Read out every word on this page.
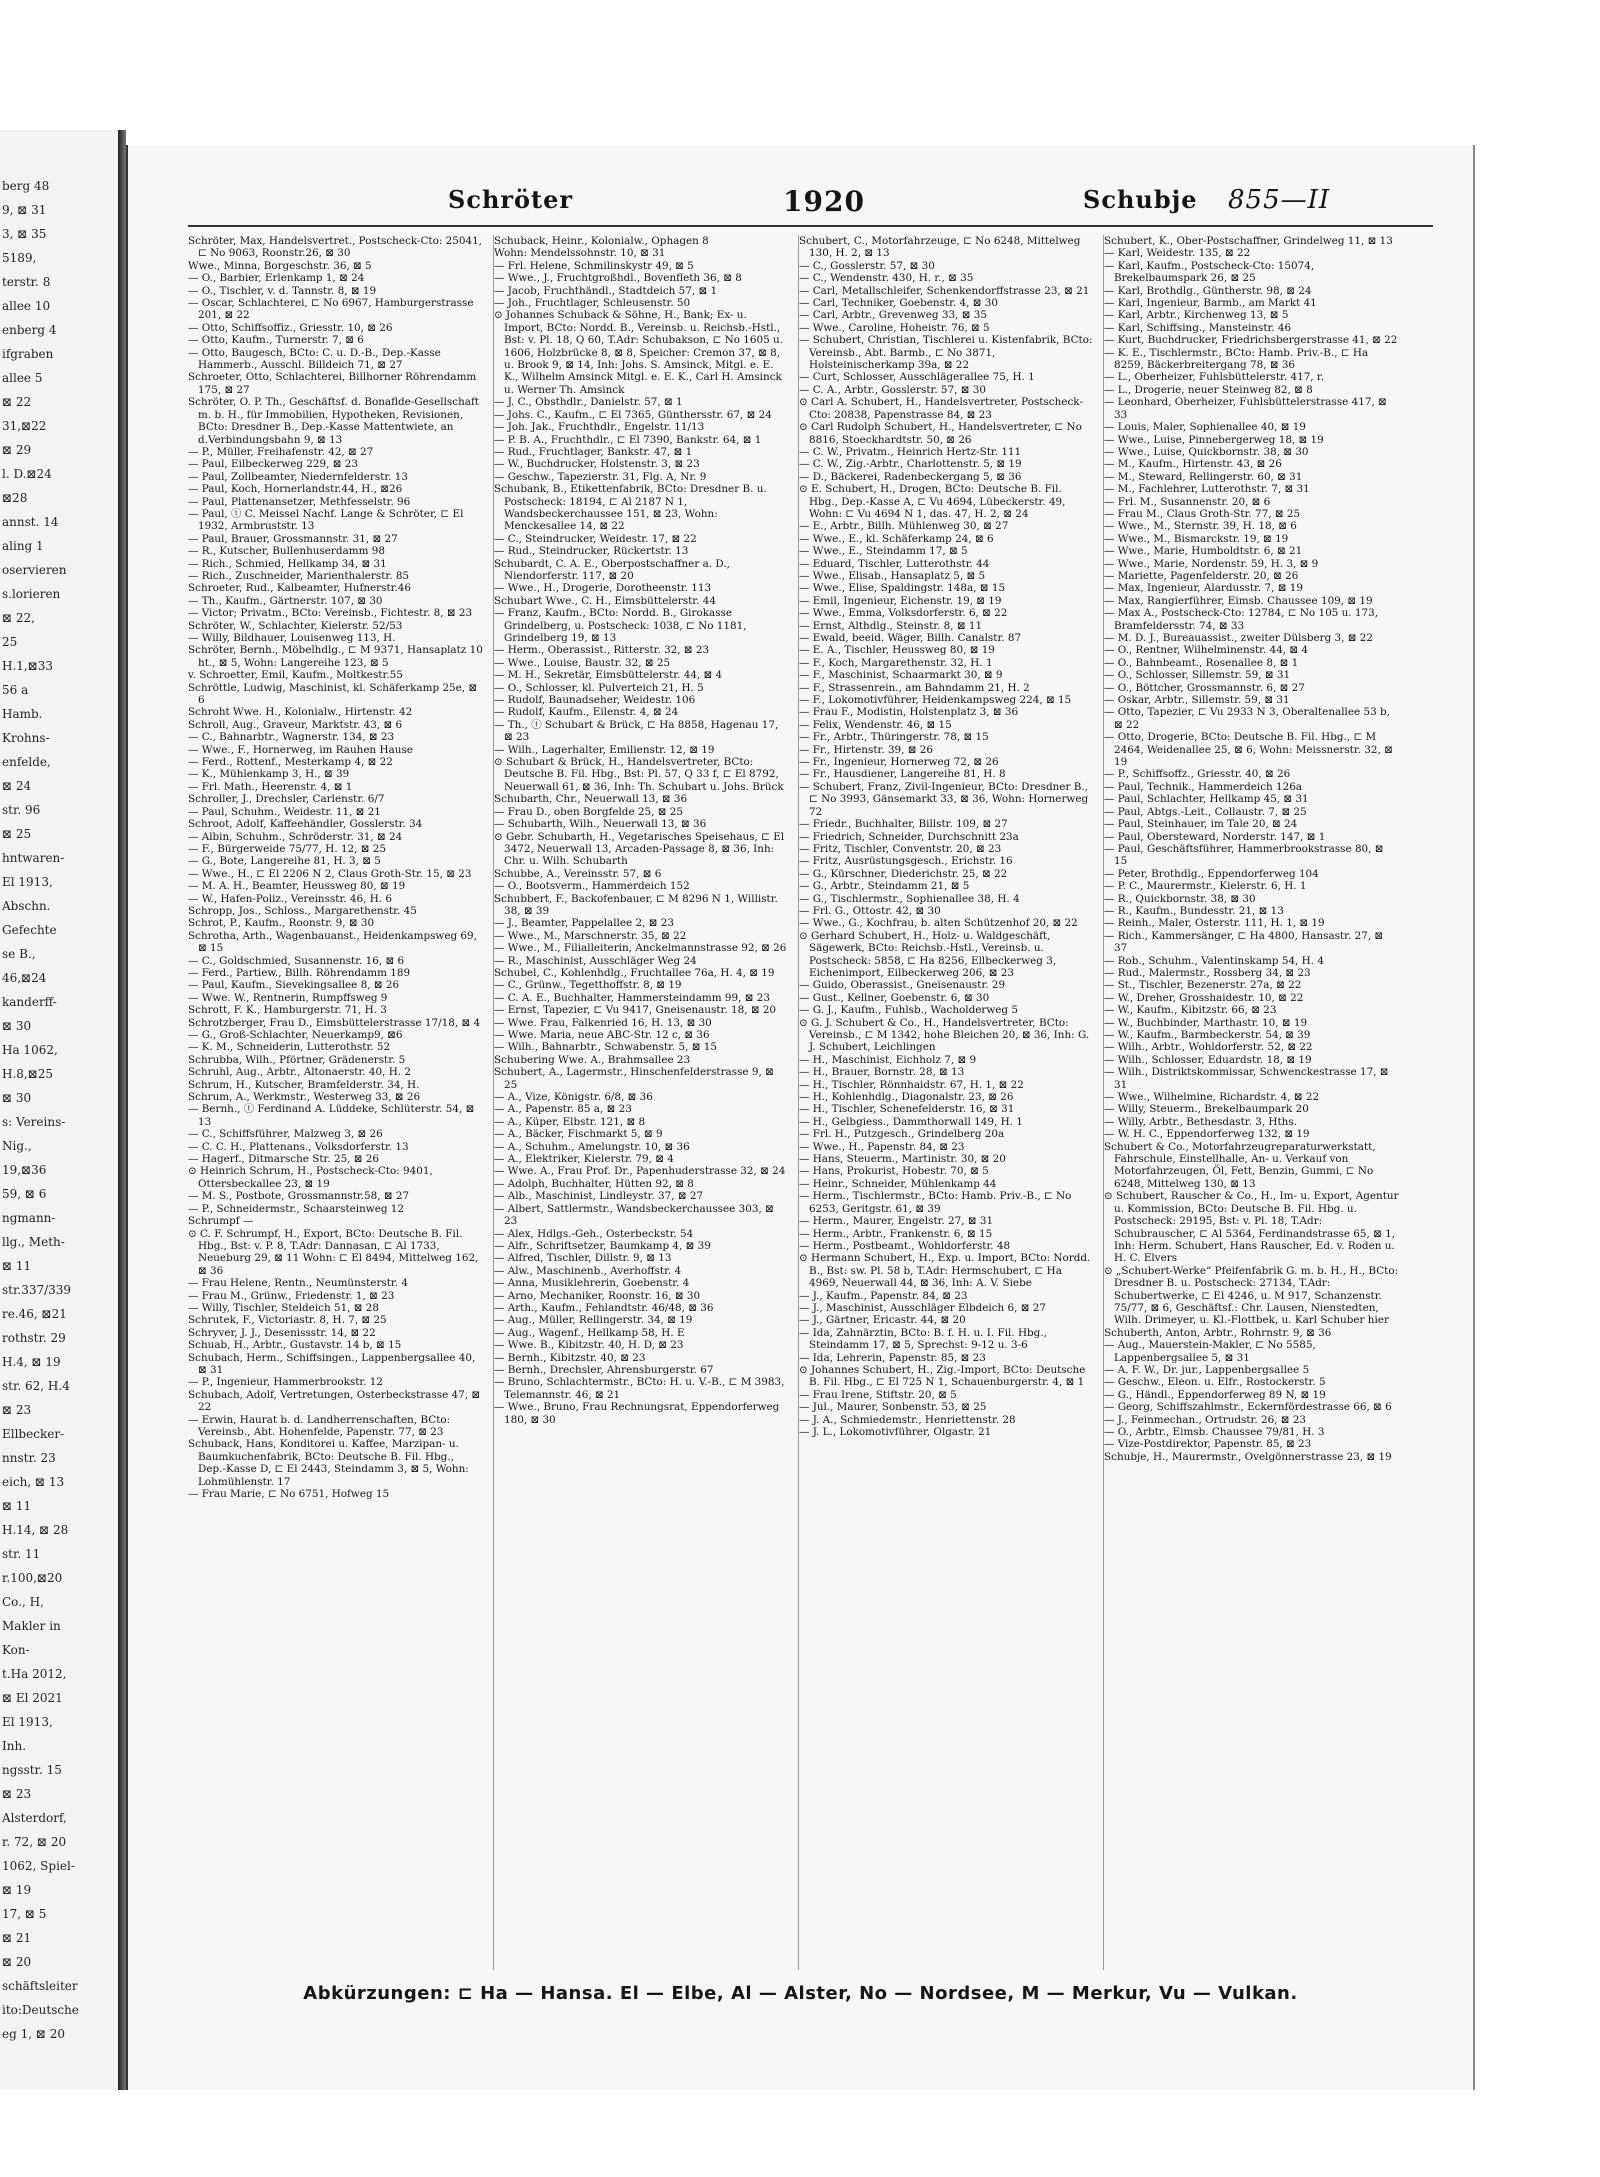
berg 48
9, ⊠ 31
3, ⊠ 35
5189,
terstr. 8
allee 10
enberg 4
ifgraben
allee 5
⊠ 22
31,⊠22
⊠ 29
l. D.⊠24
⊠28
annst. 14
aling 1
oservieren
s.lorieren
⊠ 22,
25
H.1,⊠33
56 a
Hamb.
Krohns-
enfelde,
⊠ 24
str. 96
⊠ 25
hntwaren-
El 1913,
Abschn.
Gefechte
se B.,
46,⊠24
kanderff-
⊠ 30
Ha 1062,
H.8,⊠25
⊠ 30
s: Vereins-
Nig.,
19,⊠36
59, ⊠ 6
ngmann-
llg., Meth-
⊠ 11
str.337/339
re.46, ⊠21
rothstr. 29
H.4, ⊠ 19
str. 62, H.4
⊠ 23
Ellbecker-
nnstr. 23
eich, ⊠ 13
⊠ 11
H.14, ⊠ 28
str. 11
r.100,⊠20
Co., H,
Makler in
Kon-
t.Ha 2012,
⊠ El 2021
El 1913,
Inh.
ngsstr. 15
⊠ 23
Alsterdorf,
r. 72, ⊠ 20
1062, Spiel-
⊠ 19
17, ⊠ 5
⊠ 21
⊠ 20
schäftsleiter
ito:Deutsche
eg 1, ⊠ 20
Schröter	1920	Schubje 855—II

Schröter, Max, Handelsvertret., Postscheck-Cto: 25041, ⊏ No 9063, Roonstr.26, ⊠ 30

Wwe., Minna, Borgeschstr. 36, ⊠ 5

— O., Barbier, Erlenkamp 1, ⊠ 24

— O., Tischler, v. d. Tannstr. 8, ⊠ 19

— Oscar, Schlachterei, ⊏ No 6967, Hamburgerstrasse 201, ⊠ 22

— Otto, Schiffsoffiz., Griesstr. 10, ⊠ 26

— Otto, Kaufm., Turnerstr. 7, ⊠ 6

— Otto, Baugesch, BCto: C. u. D.-B., Dep.-Kasse Hammerb., Ausschl. Billdeich 71, ⊠ 27

Schroeter, Otto, Schlachterei, Billhorner Röhrendamm 175, ⊠ 27

Schröter, O. P. Th., Geschäftsf. d. Bonaflde-Gesellschaft m. b. H., für Immobilien, Hypotheken, Revisionen, BCto: Dresdner B., Dep.-Kasse Mattentwiete, an d.Verbindungsbahn 9, ⊠ 13

— P., Müller, Freihafenstr. 42, ⊠ 27

— Paul, Eilbeckerweg 229, ⊠ 23

— Paul, Zollbeamter, Niedernfelderstr. 13

— Paul, Koch, Hornerlandstr.44, H., ⊠26

— Paul, Plattenansetzer, Methfesselstr. 96

— Paul, ⓣ C. Meissel Nachf. Lange & Schröter, ⊏ El 1932, Armbruststr. 13

— Paul, Brauer, Grossmannstr. 31, ⊠ 27

— R., Kutscher, Bullenhuserdamm 98

— Rich., Schmied, Hellkamp 34, ⊠ 31

— Rich., Zuschneider, Marienthalerstr. 85

Schroeter, Rud., Kalbeamter, Hufnerstr.46

— Th., Kaufm., Gärtnerstr. 107, ⊠ 30

— Victor; Privatm., BCto: Vereinsb., Fichtestr. 8, ⊠ 23

Schröter, W., Schlachter, Kielerstr. 52/53

— Willy, Bildhauer, Louisenweg 113, H.

Schröter, Bernh., Möbelhdlg., ⊏ M 9371, Hansaplatz 10 ht., ⊠ 5, Wohn: Langereihe 123, ⊠ 5

v. Schroetter, Emil, Kaufm., Moltkestr.55

Schröttle, Ludwig, Maschinist, kl. Schäferkamp 25e, ⊠ 6

Schroht Wwe. H., Kolonialw., Hirtenstr. 42

Schroll, Aug., Graveur, Marktstr. 43, ⊠ 6

— C., Bahnarbtr., Wagnerstr. 134, ⊠ 23

— Wwe., F., Hornerweg, im Rauhen Hause

— Ferd., Rottenf., Mesterkamp 4, ⊠ 22

— K., Mühlenkamp 3, H., ⊠ 39

— Frl. Math., Heerenstr. 4, ⊠ 1

Schroller, J., Drechsler, Carlenstr. 6/7

— Paul, Schuhm., Weidestr. 11, ⊠ 21

Schroot, Adolf, Kaffeehändler, Gosslerstr. 34

— Albin, Schuhm., Schröderstr. 31, ⊠ 24

— F., Bürgerweide 75/77, H. 12, ⊠ 25

— G., Bote, Langereihe 81, H. 3, ⊠ 5

— Wwe., H., ⊏ El 2206 N 2, Claus Groth-Str. 15, ⊠ 23

— M. A. H., Beamter, Heussweg 80, ⊠ 19

— W., Hafen-Poliz., Vereinsstr. 46, H. 6

Schropp, Jos., Schloss., Margarethenstr. 45

Schrot, P., Kaufm., Roonstr. 9, ⊠ 30

Schrotha, Arth., Wagenbauanst., Heidenkampsweg 69, ⊠ 15

— C., Goldschmied, Susannenstr. 16, ⊠ 6

— Ferd., Partiew., Billh. Röhrendamm 189

— Paul, Kaufm., Sievekingsallee 8, ⊠ 26

— Wwe. W., Rentnerin, Rumpffsweg 9

Schrott, F. K., Hamburgerstr. 71, H. 3

Schrotzberger, Frau D., Eimsbüttelerstrasse 17/18, ⊠ 4

— G., Groß-Schlachter, Neuerkamp9, ⊠6

— K. M., Schneiderin, Lutterothstr. 52

Schrubba, Wilh., Pförtner, Grädenerstr. 5

Schruhl, Aug., Arbtr., Altonaerstr. 40, H. 2

Schrum, H., Kutscher, Bramfelderstr. 34, H.

Schrum, A., Werkmstr., Westerweg 33, ⊠ 26

— Bernh., ⓣ Ferdinand A. Lüddeke, Schlüterstr. 54, ⊠ 13

— C., Schiffsführer, Malzweg 3, ⊠ 26

— C. C. H., Plattenans., Volksdorferstr. 13

— Hagerf., Ditmarsche Str. 25, ⊠ 26

⊙ Heinrich Schrum, H., Postscheck-Cto: 9401, Ottersbeckallee 23, ⊠ 19

— M. S., Postbote, Grossmannstr.58, ⊠ 27

— P., Schneidermstr., Schaarsteinweg 12

Schrumpf —

⊙ C. F. Schrumpf, H., Export, BCto: Deutsche B. Fil. Hbg., Bst: v. P. 8, T.Adr: Dannasan, ⊏ Al 1733, Neueburg 29, ⊠ 11 Wohn: ⊏ El 8494, Mittelweg 162, ⊠ 36

— Frau Helene, Rentn., Neumünsterstr. 4

— Frau M., Grünw., Friedenstr. 1, ⊠ 23

— Willy, Tischler, Steldeich 51, ⊠ 28

Schrutek, F., Victoriastr. 8, H. 7, ⊠ 25

Schryver, J. J., Desenissstr. 14, ⊠ 22

Schuab, H., Arbtr., Gustavstr. 14 b, ⊠ 15

Schubach, Herm., Schiffsingen., Lappenbergsallee 40, ⊠ 31

— P., Ingenieur, Hammerbrookstr. 12

Schubach, Adolf, Vertretungen, Osterbeckstrasse 47, ⊠ 22

— Erwin, Haurat b. d. Landherrenschaften, BCto: Vereinsb., Abt. Hohenfelde, Papenstr. 77, ⊠ 23

Schuback, Hans, Konditorei u. Kaffee, Marzipan- u. Baumkuchenfabrik, BCto: Deutsche B. Fil. Hbg., Dep.-Kasse D, ⊏ El 2443, Steindamm 3, ⊠ 5, Wohn: Lohmühlenstr. 17

— Frau Marie, ⊏ No 6751, Hofweg 15

Schuback, Heinr., Kolonialw., Ophagen 8

Wohn: Mendelssohnstr. 10, ⊠ 31

— Frl. Helene, Schmilinskystr 49, ⊠ 5

— Wwe., J., Fruchtgroßhdl., Bovenfleth 36, ⊠ 8

— Jacob, Fruchthändl., Stadtdeich 57, ⊠ 1

— Joh., Fruchtlager, Schleusenstr. 50

⊙ Johannes Schuback & Söhne, H., Bank; Ex- u. Import, BCto: Nordd. B., Vereinsb. u. Reichsb.-Hstl., Bst: v. Pl. 18, Q 60, T.Adr: Schubakson, ⊏ No 1605 u. 1606, Holzbrücke 8, ⊠ 8, Speicher: Cremon 37, ⊠ 8, u. Brook 9, ⊠ 14, Inh: Johs. S. Amsinck, Mitgl. e. E. K., Wilhelm Amsinck Mitgl. e. E. K., Carl H. Amsinck u. Werner Th. Amsinck

— J. C., Obsthdlr., Danielstr. 57, ⊠ 1

— Johs. C., Kaufm., ⊏ El 7365, Günthersstr. 67, ⊠ 24

— Joh. Jak., Fruchthdlr., Engelstr. 11/13

— P. B. A., Fruchthdlr., ⊏ El 7390, Bankstr. 64, ⊠ 1

— Rud., Fruchtlager, Bankstr. 47, ⊠ 1

— W., Buchdrucker, Holstenstr. 3, ⊠ 23

— Geschw., Tapezierstr. 31, Flg. A, Nr. 9

Schubank, B., Etikettenfabrik, BCto: Dresdner B. u. Postscheck: 18194, ⊏ Al 2187 N 1, Wandsbeckerchaussee 151, ⊠ 23, Wohn: Menckesallee 14, ⊠ 22

— C., Steindrucker, Weidestr. 17, ⊠ 22

— Rud., Steindrucker, Rückertstr. 13

Schubardt, C. A. E., Oberpostschaffner a. D., Niendorferstr. 117, ⊠ 20

— Wwe., H., Drogerie, Dorotheenstr. 113

Schubart Wwe., C. H., Eimsbüttelerstr. 44

— Franz, Kaufm., BCto: Nordd. B., Girokasse Grindelberg, u. Postscheck: 1038, ⊏ No 1181, Grindelberg 19, ⊠ 13

— Herm., Oberassist., Ritterstr. 32, ⊠ 23

— Wwe., Louise, Baustr. 32, ⊠ 25

— M. H., Sekretär, Eimsbüttelerstr. 44, ⊠ 4

— O., Schlosser, kl. Pulverteich 21, H. 5

— Rudolf, Baunadseher, Weidestr. 106

— Rudolf, Kaufm., Eilenstr. 4, ⊠ 24

— Th., ⓣ Schubart & Brück, ⊏ Ha 8858, Hagenau 17, ⊠ 23

— Wilh., Lagerhalter, Emilienstr. 12, ⊠ 19

⊙ Schubart & Brück, H., Handelsvertreter, BCto: Deutsche B. Fil. Hbg., Bst: Pl. 57, Q 33 f, ⊏ El 8792, Neuerwall 61, ⊠ 36, Inh: Th. Schubart u. Johs. Brück

Schubarth, Chr., Neuerwall 13, ⊠ 36

— Frau D., oben Borgfelde 25, ⊠ 25

— Schubarth, Wilh., Neuerwall 13, ⊠ 36

⊙ Gebr. Schubarth, H., Vegetarisches Speisehaus, ⊏ El 3472, Neuerwall 13, Arcaden-Passage 8, ⊠ 36, Inh: Chr. u. Wilh. Schubarth

Schubbe, A., Vereinsstr. 57, ⊠ 6

— O., Bootsverm., Hammerdeich 152

Schubbert, F., Backofenbauer, ⊏ M 8296 N 1, Willistr. 38, ⊠ 39

— J., Beamter, Pappelallee 2, ⊠ 23

— Wwe., M., Marschnerstr. 35, ⊠ 22

— Wwe., M., Filialleiterin, Anckelmannstrasse 92, ⊠ 26

— R., Maschinist, Ausschläger Weg 24

Schubel, C., Kohlenhdlg., Fruchtallee 76a, H. 4, ⊠ 19

— C., Grünw., Tegetthoffstr. 8, ⊠ 19

— C. A. E., Buchhalter, Hammersteindamm 99, ⊠ 23

— Ernst, Tapezier, ⊏ Vu 9417, Gneisenaustr. 18, ⊠ 20

— Wwe. Frau, Falkenried 16, H. 13, ⊠ 30

— Wwe. Maria, neue ABC-Str. 12 c, ⊠ 36

— Wilh., Bahnarbtr., Schwabenstr. 5, ⊠ 15

Schubering Wwe. A., Brahmsallee 23

Schubert, A., Lagermstr., Hinschenfelderstrasse 9, ⊠ 25

— A., Vize, Königstr. 6/8, ⊠ 36

— A., Papenstr. 85 a, ⊠ 23

— A., Küper, Elbstr. 121, ⊠ 8

— A., Bäcker, Fischmarkt 5, ⊠ 9

— A., Schuhm., Amelungstr. 10, ⊠ 36

— A., Elektriker, Kielerstr. 79, ⊠ 4

— Wwe. A., Frau Prof. Dr., Papenhuderstrasse 32, ⊠ 24

— Adolph, Buchhalter, Hütten 92, ⊠ 8

— Alb., Maschinist, Lindleystr. 37, ⊠ 27

— Albert, Sattlermstr., Wandsbeckerchaussee 303, ⊠ 23

— Alex, Hdlgs.-Geh., Osterbeckstr. 54

— Alfr., Schriftsetzer, Baumkamp 4, ⊠ 39

— Alfred, Tischler, Dillstr. 9, ⊠ 13

— Alw., Maschinenb., Averhoffstr. 4

— Anna, Musiklehrerin, Goebenstr. 4

— Arno, Mechaniker, Roonstr. 16, ⊠ 30

— Arth., Kaufm., Fehlandtstr. 46/48, ⊠ 36

— Aug., Müller, Rellingerstr. 34, ⊠ 19

— Aug., Wagenf., Hellkamp 58, H. E

— Wwe. B., Kibitzstr. 40, H. D, ⊠ 23

— Bernh., Kibitzstr. 40, ⊠ 23

— Bernh., Drechsler, Ahrensburgerstr. 67

— Bruno, Schlachtermstr., BCto: H. u. V.-B., ⊏ M 3983, Telemannstr. 46, ⊠ 21

— Wwe., Bruno, Frau Rechnungsrat, Eppendorferweg 180, ⊠ 30

Schubert, C., Motorfahrzeuge, ⊏ No 6248, Mittelweg 130, H. 2, ⊠ 13

— C., Gosslerstr. 57, ⊠ 30

— C., Wendenstr. 430, H. r., ⊠ 35

— Carl, Metallschleifer, Schenkendorffstrasse 23, ⊠ 21

— Carl, Techniker, Goebenstr. 4, ⊠ 30

— Carl, Arbtr., Grevenweg 33, ⊠ 35

— Wwe., Caroline, Hoheistr. 76, ⊠ 5

— Schubert, Christian, Tischlerei u. Kistenfabrik, BCto: Vereinsb., Abt. Barmb., ⊏ No 3871, Holsteinischerkamp 39a, ⊠ 22

— Curt, Schlosser, Ausschlägerallee 75, H. 1

— C. A., Arbtr., Gosslerstr. 57, ⊠ 30

⊙ Carl A. Schubert, H., Handelsvertreter, Postscheck-Cto: 20838, Papenstrasse 84, ⊠ 23

⊙ Carl Rudolph Schubert, H., Handelsvertreter, ⊏ No 8816, Stoeckhardtstr. 50, ⊠ 26

— C. W., Privatm., Heinrich Hertz-Str. 111

— C. W., Zig.-Arbtr., Charlottenstr. 5, ⊠ 19

— D., Bäckerei, Radenbeckergang 5, ⊠ 36

⊙ E. Schubert, H., Drogen, BCto: Deutsche B. Fil. Hbg., Dep.-Kasse A, ⊏ Vu 4694, Lübeckerstr. 49, Wohn: ⊏ Vu 4694 N 1, das. 47, H. 2, ⊠ 24

— E., Arbtr., Billh. Mühlenweg 30, ⊠ 27

— Wwe., E., kl. Schäferkamp 24, ⊠ 6

— Wwe., E., Steindamm 17, ⊠ 5

— Eduard, Tischler, Lutterothstr. 44

— Wwe., Elisab., Hansaplatz 5, ⊠ 5

— Wwe., Elise, Spaldingstr. 148a, ⊠ 15

— Emil, Ingenieur, Eichenstr. 19, ⊠ 19

— Wwe., Emma, Volksdorferstr. 6, ⊠ 22

— Ernst, Althdlg., Steinstr. 8, ⊠ 11

— Ewald, beeid. Wäger, Billh. Canalstr. 87

— E. A., Tischler, Heussweg 80, ⊠ 19

— F., Koch, Margarethenstr. 32, H. 1

— F., Maschinist, Schaarmarkt 30, ⊠ 9

— F., Strassenrein., am Bahndamm 21, H. 2

— F., Lokomotivführer, Heidenkampsweg 224, ⊠ 15

— Frau F., Modistin, Holstenplatz 3, ⊠ 36

— Felix, Wendenstr. 46, ⊠ 15

— Fr., Arbtr., Thüringerstr. 78, ⊠ 15

— Fr., Hirtenstr. 39, ⊠ 26

— Fr., Ingenieur, Hornerweg 72, ⊠ 26

— Fr., Hausdiener, Langereihe 81, H. 8

— Schubert, Franz, Zivil-Ingenieur, BCto: Dresdner B., ⊏ No 3993, Gänsemarkt 33, ⊠ 36, Wohn: Hornerweg 72

— Friedr., Buchhalter, Billstr. 109, ⊠ 27

— Friedrich, Schneider, Durchschnitt 23a

— Fritz, Tischler, Conventstr. 20, ⊠ 23

— Fritz, Ausrüstungsgesch., Erichstr. 16

— G., Kürschner, Diederichstr. 25, ⊠ 22

— G., Arbtr., Steindamm 21, ⊠ 5

— G., Tischlermstr., Sophienallee 38, H. 4

— Frl. G., Ottostr. 42, ⊠ 30

— Wwe., G., Kochfrau, b. alten Schützenhof 20, ⊠ 22

⊙ Gerhard Schubert, H., Holz- u. Waldgeschäft, Sägewerk, BCto: Reichsb.-Hstl., Vereinsb. u. Postscheck: 5858, ⊏ Ha 8256, Ellbeckerweg 3, Eichenimport, Eilbeckerweg 206, ⊠ 23

— Guido, Oberassist., Gneisenaustr. 29

— Gust., Kellner, Goebenstr. 6, ⊠ 30

— G. J., Kaufm., Fuhlsb., Wacholderweg 5

⊙ G. J. Schubert & Co., H., Handelsvertreter, BCto: Vereinsb., ⊏ M 1342, hohe Bleichen 20, ⊠ 36, Inh: G. J. Schubert, Leichlingen

— H., Maschinist, Eichholz 7, ⊠ 9

— H., Brauer, Bornstr. 28, ⊠ 13

— H., Tischler, Rönnhaidstr. 67, H. 1, ⊠ 22

— H., Kohlenhdlg., Diagonalstr. 23, ⊠ 26

— H., Tischler, Schenefelderstr. 16, ⊠ 31

— H., Gelbgiess., Dammthorwall 149, H. 1

— Frl. H., Putzgesch., Grindelberg 20a

— Wwe., H., Papenstr. 84, ⊠ 23

— Hans, Steuerm., Martinistr. 30, ⊠ 20

— Hans, Prokurist, Hobestr. 70, ⊠ 5

— Heinr., Schneider, Mühlenkamp 44

— Herm., Tischlermstr., BCto: Hamb. Priv.-B., ⊏ No 6253, Geritgstr. 61, ⊠ 39

— Herm., Maurer, Engelstr. 27, ⊠ 31

— Herm., Arbtr., Frankenstr. 6, ⊠ 15

— Herm., Postbeamt., Wohldorferstr. 48

⊙ Hermann Schubert, H., Exp. u. Import, BCto: Nordd. B., Bst: sw. Pl. 58 b, T.Adr: Hermschubert, ⊏ Ha 4969, Neuerwall 44, ⊠ 36, Inh: A. V. Siebe

— J., Kaufm., Papenstr. 84, ⊠ 23

— J., Maschinist, Ausschläger Elbdeich 6, ⊠ 27

— J., Gärtner, Ericastr. 44, ⊠ 20

— Ida, Zahnärztin, BCto: B. f. H. u. I. Fil. Hbg., Steindamm 17, ⊠ 5, Sprechst: 9-12 u. 3-6

— Ida, Lehrerin, Papenstr. 85, ⊠ 23

⊙ Johannes Schubert, H., Zig.-Import, BCto: Deutsche B. Fil. Hbg., ⊏ El 725 N 1, Schauenburgerstr. 4, ⊠ 1

— Frau Irene, Stiftstr. 20, ⊠ 5

— Jul., Maurer, Sonbenstr. 53, ⊠ 25

— J. A., Schmiedemstr., Henriettenstr. 28

— J. L., Lokomotivführer, Olgastr. 21

Schubert, K., Ober-Postschaffner, Grindelweg 11, ⊠ 13

— Karl, Weidestr. 135, ⊠ 22

— Karl, Kaufm., Postscheck-Cto: 15074, Brekelbaumspark 26, ⊠ 25

— Karl, Brothdlg., Güntherstr. 98, ⊠ 24

— Karl, Ingenieur, Barmb., am Markt 41

— Karl, Arbtr., Kirchenweg 13, ⊠ 5

— Karl, Schiffsing., Mansteinstr. 46

— Kurt, Buchdrucker, Friedrichsbergerstrasse 41, ⊠ 22

— K. E., Tischlermstr., BCto: Hamb. Priv.-B., ⊏ Ha 8259, Bäckerbreitergang 78, ⊠ 36

— L., Oberheizer, Fuhlsbüttelerstr. 417, r.

— L., Drogerie, neuer Steinweg 82, ⊠ 8

— Leonhard, Oberheizer, Fuhlsbüttelerstrasse 417, ⊠ 33

— Louis, Maler, Sophienallee 40, ⊠ 19

— Wwe., Luise, Pinnebergerweg 18, ⊠ 19

— Wwe., Luise, Quickbornstr. 38, ⊠ 30

— M., Kaufm., Hirtenstr. 43, ⊠ 26

— M., Steward, Rellingerstr. 60, ⊠ 31

— M., Fachlehrer, Lutterothstr. 7, ⊠ 31

— Frl. M., Susannenstr. 20, ⊠ 6

— Frau M., Claus Groth-Str. 77, ⊠ 25

— Wwe., M., Sternstr. 39, H. 18, ⊠ 6

— Wwe., M., Bismarckstr. 19, ⊠ 19

— Wwe., Marie, Humboldtstr. 6, ⊠ 21

— Wwe., Marie, Nordenstr. 59, H. 3, ⊠ 9

— Mariette, Pagenfelderstr. 20, ⊠ 26

— Max, Ingenieur, Alardusstr. 7, ⊠ 19

— Max, Rangierführer, Eimsb. Chaussee 109, ⊠ 19

— Max A., Postscheck-Cto: 12784, ⊏ No 105 u. 173, Bramfeldersstr. 74, ⊠ 33

— M. D. J., Bureauassist., zweiter Dülsberg 3, ⊠ 22

— O., Rentner, Wilhelminenstr. 44, ⊠ 4

— O., Bahnbeamt., Rosenallee 8, ⊠ 1

— O., Schlosser, Sillemstr. 59, ⊠ 31

— O., Böttcher, Grossmannstr. 6, ⊠ 27

— Oskar, Arbtr., Sillemstr. 59, ⊠ 31

— Otto, Tapezier, ⊏ Vu 2933 N 3, Oberaltenallee 53 b, ⊠ 22

— Otto, Drogerie, BCto: Deutsche B. Fil. Hbg., ⊏ M 2464, Weidenallee 25, ⊠ 6, Wohn: Meissnerstr. 32, ⊠ 19

— P., Schiffsoffz., Griesstr. 40, ⊠ 26

— Paul, Technik., Hammerdeich 126a

— Paul, Schlachter, Hellkamp 45, ⊠ 31

— Paul, Abtgs.-Leit., Collaustr. 7, ⊠ 25

— Paul, Steinhauer, im Tale 20, ⊠ 24

— Paul, Obersteward, Norderstr. 147, ⊠ 1

— Paul, Geschäftsführer, Hammerbrookstrasse 80, ⊠ 15

— Peter, Brothdlg., Eppendorferweg 104

— P. C., Maurermstr., Kielerstr. 6, H. 1

— R., Quickbornstr. 38, ⊠ 30

— R., Kaufm., Bundesstr. 21, ⊠ 13

— Reinh., Maler, Osterstr. 111, H. 1, ⊠ 19

— Rich., Kammersänger, ⊏ Ha 4800, Hansastr. 27, ⊠ 37

— Rob., Schuhm., Valentinskamp 54, H. 4

— Rud., Malermstr., Rossberg 34, ⊠ 23

— St., Tischler, Bezenerstr. 27a, ⊠ 22

— W., Dreher, Grosshaidestr. 10, ⊠ 22

— W., Kaufm., Kibitzstr. 66, ⊠ 23

— W., Buchbinder, Marthastr. 10, ⊠ 19

— W., Kaufm., Barmbeckerstr. 54, ⊠ 39

— Wilh., Arbtr., Wohldorferstr. 52, ⊠ 22

— Wilh., Schlosser, Eduardstr. 18, ⊠ 19

— Wilh., Distriktskommissar, Schwenckestrasse 17, ⊠ 31

— Wwe., Wilhelmine, Richardstr. 4, ⊠ 22

— Willy, Steuerm., Brekelbaumpark 20

— Willy, Arbtr., Bethesdastr. 3, Hths.

— W. H. C., Eppendorferweg 132, ⊠ 19

Schubert & Co., Motorfahrzeugreparaturwerkstatt, Fahrschule, Einstellhalle, An- u. Verkauf von Motorfahrzeugen, Öl, Fett, Benzin, Gummi, ⊏ No 6248, Mittelweg 130, ⊠ 13

⊙ Schubert, Rauscher & Co., H., Im- u. Export, Agentur u. Kommission, BCto: Deutsche B. Fil. Hbg. u. Postscheck: 29195, Bst: v. Pl. 18, T.Adr: Schubrauscher, ⊏ Al 5364, Ferdinandstrasse 65, ⊠ 1, Inh: Herm. Schubert, Hans Rauscher, Ed. v. Roden u. H. C. Elvers

⊙ „Schubert-Werke“ Pfeifenfabrik G. m. b. H., H., BCto: Dresdner B. u. Postscheck: 27134, T.Adr: Schubertwerke, ⊏ El 4246, u. M 917, Schanzenstr. 75/77, ⊠ 6, Geschäftsf.: Chr. Lausen, Nienstedten, Wilh. Drimeyer, u. Kl.-Flottbek, u. Karl Schuber hier

Schuberth, Anton, Arbtr., Rohrnstr. 9, ⊠ 36

— Aug., Mauerstein-Makler, ⊏ No 5585, Lappenbergsallee 5, ⊠ 31

— A. F. W., Dr. jur., Lappenbergsallee 5

— Geschw., Eleon. u. Elfr., Rostockerstr. 5

— G., Händl., Eppendorferweg 89 N, ⊠ 19

— Georg, Schiffszahlmstr., Eckernfördestrasse 66, ⊠ 6

— J., Feinmechan., Ortrudstr. 26, ⊠ 23

— O., Arbtr., Eimsb. Chaussee 79/81, H. 3

— Vize-Postdirektor, Papenstr. 85, ⊠ 23

Schubje, H., Maurermstr., Ovelgönnerstrasse 23, ⊠ 19

Abkürzungen: ⊏ Ha — Hansa. El — Elbe, Al — Alster, No — Nordsee, M — Merkur, Vu — Vulkan.
